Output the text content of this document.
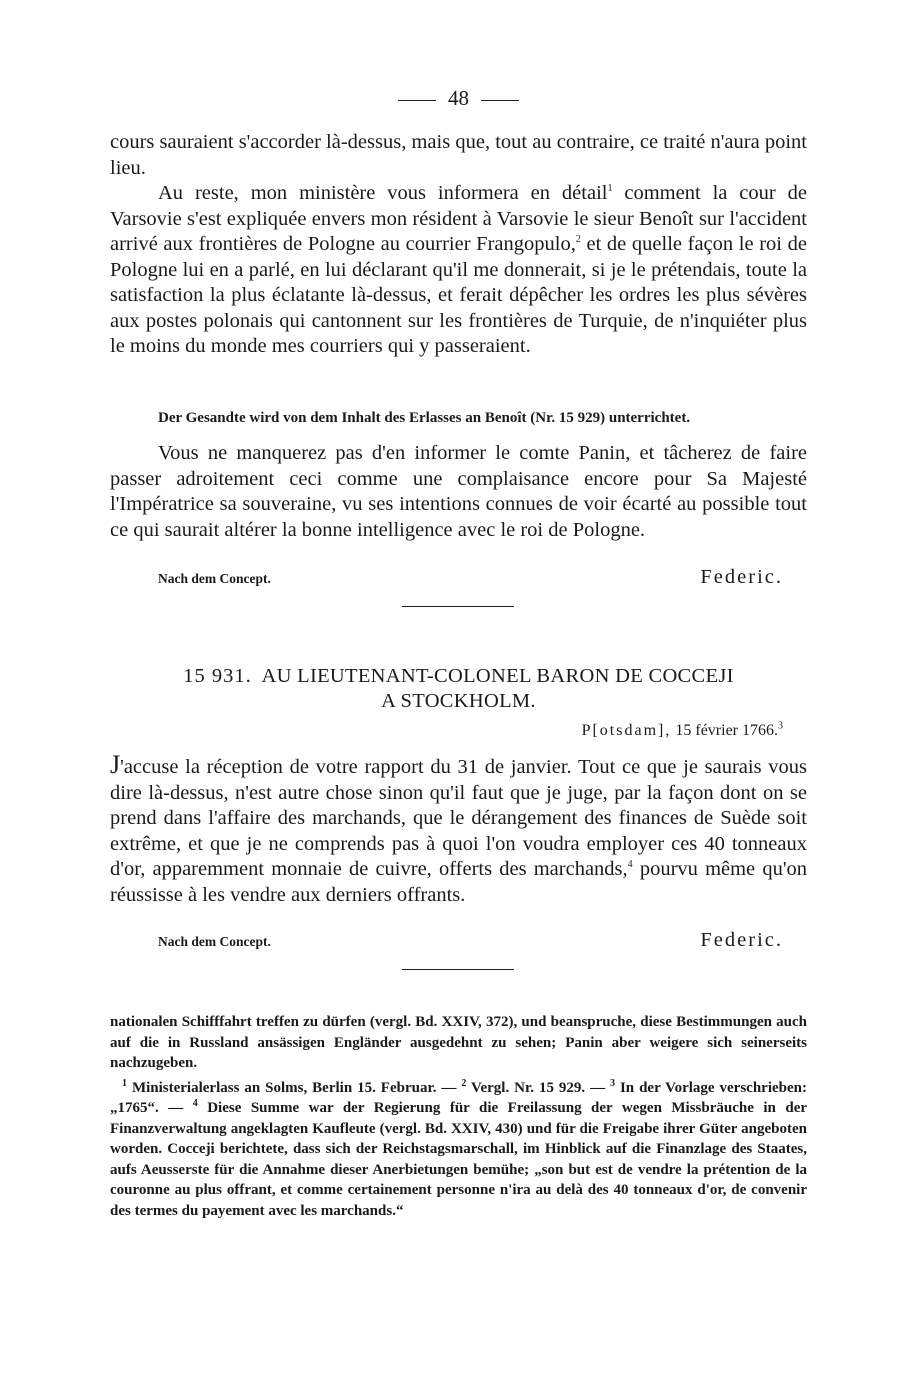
48

cours sauraient s'accorder là-dessus, mais que, tout au contraire, ce traité n'aura point lieu.

Au reste, mon ministère vous informera en détail$^1$ comment la cour de Varsovie s'est expliquée envers mon résident à Varsovie le sieur Benoît sur l'accident arrivé aux frontières de Pologne au courrier Frangopulo,$^2$ et de quelle façon le roi de Pologne lui en a parlé, en lui déclarant qu'il me donnerait, si je le prétendais, toute la satisfaction la plus éclatante là-dessus, et ferait dépêcher les ordres les plus sévères aux postes polonais qui cantonnent sur les frontières de Turquie, de n'inquiéter plus le moins du monde mes courriers qui y passeraient.

Der Gesandte wird von dem Inhalt des Erlasses an Benoît (Nr. 15 929) unterrichtet.

Vous ne manquerez pas d'en informer le comte Panin, et tâcherez de faire passer adroitement ceci comme une complaisance encore pour Sa Majesté l'Impératrice sa souveraine, vu ses intentions connues de voir écarté au possible tout ce qui saurait altérer la bonne intelligence avec le roi de Pologne.

Nach dem Concept.	Federic.
15 931. AU LIEUTENANT-COLONEL BARON DE COCCEJI
A STOCKHOLM.
P[otsdam], 15 février 1766.$^3$

J'accuse la réception de votre rapport du 31 de janvier. Tout ce que je saurais vous dire là-dessus, n'est autre chose sinon qu'il faut que je juge, par la façon dont on se prend dans l'affaire des marchands, que le dérangement des finances de Suède soit extrême, et que je ne comprends pas à quoi l'on voudra employer ces 40 tonneaux d'or, apparemment monnaie de cuivre, offerts des marchands,$^4$ pourvu même qu'on réussisse à les vendre aux derniers offrants.

Nach dem Concept.	Federic.

nationalen Schifffahrt treffen zu dürfen (vergl. Bd. XXIV, 372), und beanspruche, diese Bestimmungen auch auf die in Russland ansässigen Engländer ausgedehnt zu sehen; Panin aber weigere sich seinerseits nachzugeben.

$^1$ Ministerialerlass an Solms, Berlin 15. Februar. — $^2$ Vergl. Nr. 15 929. — $^3$ In der Vorlage verschrieben: „1765“. — $^4$ Diese Summe war der Regierung für die Freilassung der wegen Missbräuche in der Finanzverwaltung angeklagten Kaufleute (vergl. Bd. XXIV, 430) und für die Freigabe ihrer Güter angeboten worden. Cocceji berichtete, dass sich der Reichstagsmarschall, im Hinblick auf die Finanzlage des Staates, aufs Aeusserste für die Annahme dieser Anerbietungen bemühe; „son but est de vendre la prétention de la couronne au plus offrant, et comme certainement personne n'ira au delà des 40 tonneaux d'or, de convenir des termes du payement avec les marchands.“
